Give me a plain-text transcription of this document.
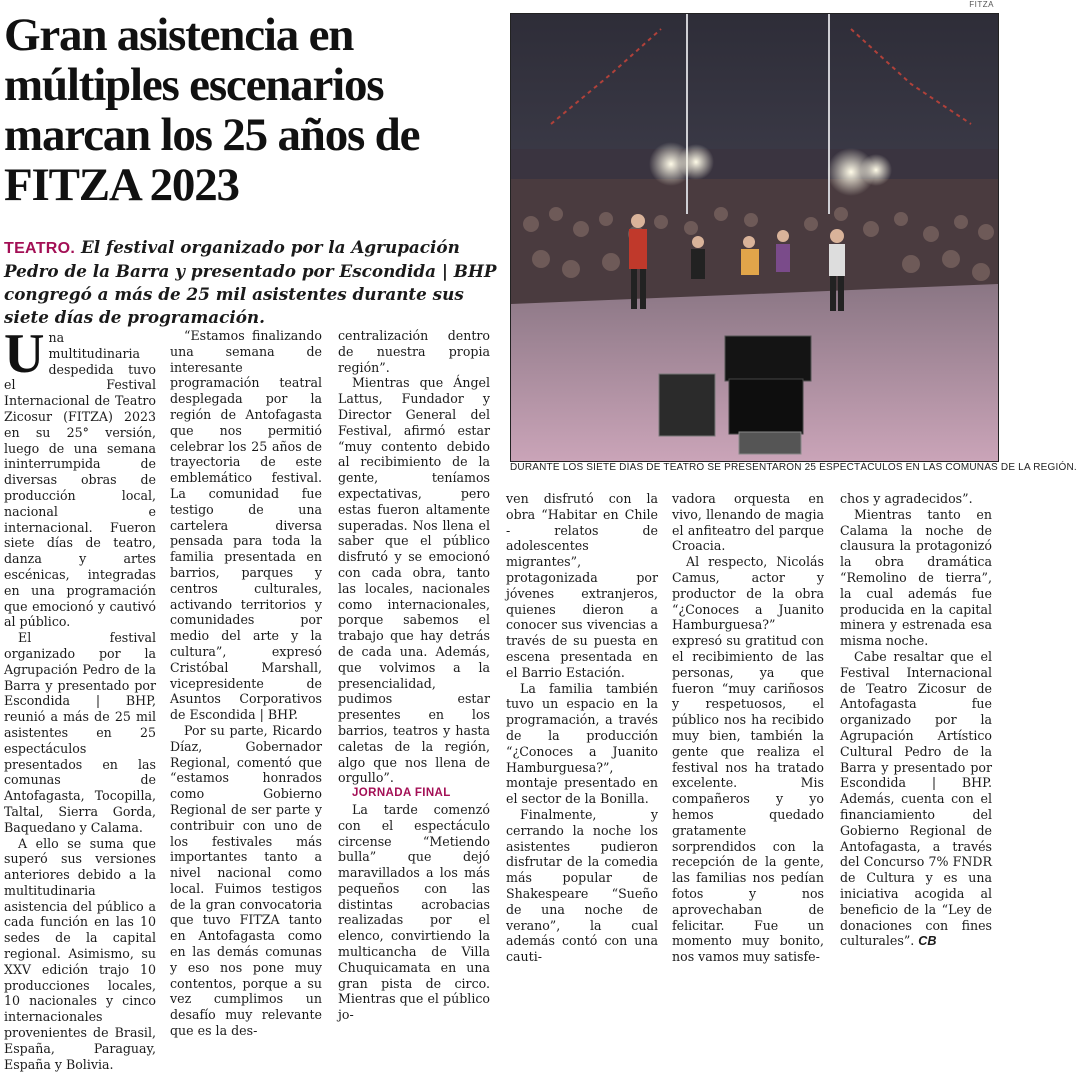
FITZA
Gran asistencia en múltiples escenarios marcan los 25 años de FITZA 2023

TEATRO. El festival organizado por la Agrupación Pedro de la Barra y presentado por Escondida | BHP congregó a más de 25 mil asistentes durante sus siete días de programación.

DURANTE LOS SIETE DÍAS DE TEATRO SE PRESENTARON 25 ESPECTÁCULOS EN LAS COMUNAS DE LA REGIÓN.

Una multitudinaria despedida tuvo el Festival Internacional de Teatro Zicosur (FITZA) 2023 en su 25° versión, luego de una semana ininterrumpida de diversas obras de producción local, nacional e internacional. Fueron siete días de teatro, danza y artes escénicas, integradas en una programación que emocionó y cautivó al público.

El festival organizado por la Agrupación Pedro de la Barra y presentado por Escondida | BHP, reunió a más de 25 mil asistentes en 25 espectáculos presentados en las comunas de Antofagasta, Tocopilla, Taltal, Sierra Gorda, Baquedano y Calama.

A ello se suma que superó sus versiones anteriores debido a la multitudinaria asistencia del público a cada función en las 10 sedes de la capital regional. Asimismo, su XXV edición trajo 10 producciones locales, 10 nacionales y cinco internacionales provenientes de Brasil, España, Paraguay, España y Bolivia.

“Estamos finalizando una semana de interesante programación teatral desplegada por la región de Antofagasta que nos permitió celebrar los 25 años de trayectoria de este emblemático festival. La comunidad fue testigo de una cartelera diversa pensada para toda la familia presentada en barrios, parques y centros culturales, activando territorios y comunidades por medio del arte y la cultura”, expresó Cristóbal Marshall, vicepresidente de Asuntos Corporativos de Escondida | BHP.

Por su parte, Ricardo Díaz, Gobernador Regional, comentó que “estamos honrados como Gobierno Regional de ser parte y contribuir con uno de los festivales más importantes tanto a nivel nacional como local. Fuimos testigos de la gran convocatoria que tuvo FITZA tanto en Antofagasta como en las demás comunas y eso nos pone muy contentos, porque a su vez cumplimos un desafío muy relevante que es la des-

centralización dentro de nuestra propia región”.

Mientras que Ángel Lattus, Fundador y Director General del Festival, afirmó estar “muy contento debido al recibimiento de la gente, teníamos expectativas, pero estas fueron altamente superadas. Nos llena el saber que el público disfrutó y se emocionó con cada obra, tanto las locales, nacionales como internacionales, porque sabemos el trabajo que hay detrás de cada una. Además, que volvimos a la presencialidad, pudimos estar presentes en los barrios, teatros y hasta caletas de la región, algo que nos llena de orgullo”.

JORNADA FINAL

La tarde comenzó con el espectáculo circense “Metiendo bulla” que dejó maravillados a los más pequeños con las distintas acrobacias realizadas por el elenco, convirtiendo la multicancha de Villa Chuquicamata en una gran pista de circo. Mientras que el público jo-

ven disfrutó con la obra “Habitar en Chile - relatos de adolescentes migrantes”, protagonizada por jóvenes extranjeros, quienes dieron a conocer sus vivencias a través de su puesta en escena presentada en el Barrio Estación.

La familia también tuvo un espacio en la programación, a través de la producción “¿Conoces a Juanito Hamburguesa?”, montaje presentado en el sector de la Bonilla.

Finalmente, y cerrando la noche los asistentes pudieron disfrutar de la comedia más popular de Shakespeare “Sueño de una noche de verano”, la cual además contó con una cauti-

vadora orquesta en vivo, llenando de magia el anfiteatro del parque Croacia.

Al respecto, Nicolás Camus, actor y productor de la obra “¿Conoces a Juanito Hamburguesa?” expresó su gratitud con el recibimiento de las personas, ya que fueron “muy cariñosos y respetuosos, el público nos ha recibido muy bien, también la gente que realiza el festival nos ha tratado excelente. Mis compañeros y yo hemos quedado gratamente sorprendidos con la recepción de la gente, las familias nos pedían fotos y nos aprovechaban de felicitar. Fue un momento muy bonito, nos vamos muy satisfe-

chos y agradecidos”.

Mientras tanto en Calama la noche de clausura la protagonizó la obra dramática “Remolino de tierra”, la cual además fue producida en la capital minera y estrenada esa misma noche.

Cabe resaltar que el Festival Internacional de Teatro Zicosur de Antofagasta fue organizado por la Agrupación Artístico Cultural Pedro de la Barra y presentado por Escondida | BHP. Además, cuenta con el financiamiento del Gobierno Regional de Antofagasta, a través del Concurso 7% FNDR de Cultura y es una iniciativa acogida al beneficio de la “Ley de donaciones con fines culturales”. CB
